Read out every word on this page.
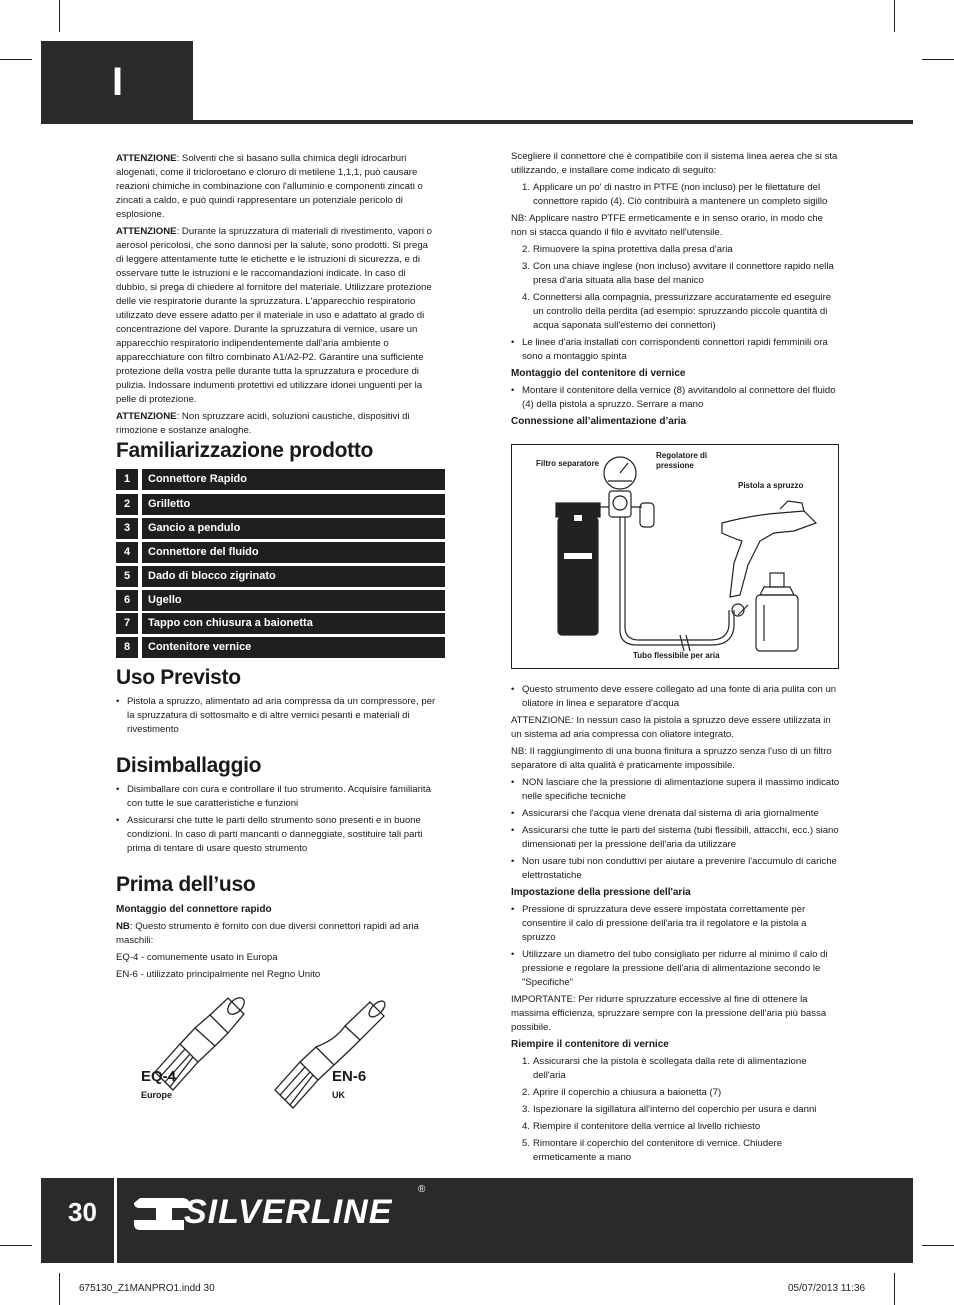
I

ATTENZIONE: Solventi che si basano sulla chimica degli idrocarburi alogenati, come il tricloroetano e cloruro di metilene 1,1,1, può causare reazioni chimiche in combinazione con l'alluminio e componenti zincati o zincati a caldo, e può quindi rappresentare un potenziale pericolo di esplosione.

ATTENZIONE: Durante la spruzzatura di materiali di rivestimento, vapori o aerosol pericolosi, che sono dannosi per la salute, sono prodotti. Si prega di leggere attentamente tutte le etichette e le istruzioni di sicurezza, e di osservare tutte le istruzioni e le raccomandazioni indicate. In caso di dubbio, si prega di chiedere al fornitore del materiale. Utilizzare protezione delle vie respiratorie durante la spruzzatura. L'apparecchio respiratorio utilizzato deve essere adatto per il materiale in uso e adattato al grado di concentrazione del vapore. Durante la spruzzatura di vernice, usare un apparecchio respiratorio indipendentemente dall'aria ambiente o apparecchiature con filtro combinato A1/A2-P2. Garantire una sufficiente protezione della vostra pelle durante tutta la spruzzatura e procedure di pulizia. Indossare indumenti protettivi ed utilizzare idonei unguenti per la pelle di protezione.

ATTENZIONE: Non spruzzare acidi, soluzioni caustiche, dispositivi di rimozione e sostanze analoghe.

Familiarizzazione prodotto
1	Connettore Rapido
2	Grilletto
3	Gancio a pendulo
4	Connettore del fluido
5	Dado di blocco zigrinato
6	Ugello
7	Tappo con chiusura a baionetta
8	Contenitore vernice
Uso Previsto
• Pistola a spruzzo, alimentato ad aria compressa da un compressore, per la spruzzatura di sottosmalto e di altre vernici pesanti e materiali di rivestimento
Disimballaggio
• Disimballare con cura e controllare il tuo strumento. Acquisire familiarità con tutte le sue caratteristiche e funzioni
• Assicurarsi che tutte le parti dello strumento sono presenti e in buone condizioni. In caso di parti mancanti o danneggiate, sostituire tali parti prima di tentare di usare questo strumento
Prima dell’uso
Montaggio del connettore rapido

NB: Questo strumento è fornito con due diversi connettori rapidi ad aria maschili:

EQ-4 - comunemente usato in Europa

EN-6 - utilizzato principalmente nel Regno Unito

EQ-4
Europe
EN-6
UK

Scegliere il connettore che è compatibile con il sistema linea aerea che si sta utilizzando, e installare come indicato di seguito:

1. Applicare un po' di nastro in PTFE (non incluso) per le filettature del connettore rapido (4). Ciò contribuirà a mantenere un completo sigillo

NB: Applicare nastro PTFE ermeticamente e in senso orario, in modo che non si stacca quando il filo è avvitato nell'utensile.

2. Rimuovere la spina protettiva dalla presa d'aria
3. Con una chiave inglese (non incluso) avvitare il connettore rapido nella presa d'aria situata alla base del manico
4. Connettersi alla compagnia, pressurizzare accuratamente ed eseguire un controllo della perdita (ad esempio: spruzzando piccole quantità di acqua saponata sull'esterno dei connettori)
• Le linee d'aria installati con corrispondenti connettori rapidi femminili ora sono a montaggio spinta
Montaggio del contenitore di vernice
• Montare il contenitore della vernice (8) avvitandolo al connettore del fluido (4) della pistola a spruzzo. Serrare a mano
Connessione all’alimentazione d’aria
Filtro separatore
Regolatore di pressione
Pistola a spruzzo
Tubo flessibile per aria
• Questo strumento deve essere collegato ad una fonte di aria pulita con un oliatore in linea e separatore d'acqua

ATTENZIONE: In nessun caso la pistola a spruzzo deve essere utilizzata in un sistema ad aria compressa con oliatore integrato.

NB: Il raggiungimento di una buona finitura a spruzzo senza l'uso di un filtro separatore di alta qualità è praticamente impossibile.

• NON lasciare che la pressione di alimentazione supera il massimo indicato nelle specifiche tecniche
• Assicurarsi che l'acqua viene drenata dal sistema di aria giornalmente
• Assicurarsi che tutte le parti del sistema (tubi flessibili, attacchi, ecc.) siano dimensionati per la pressione dell'aria da utilizzare
• Non usare tubi non conduttivi per aiutare a prevenire l'accumulo di cariche elettrostatiche
Impostazione della pressione dell'aria
• Pressione di spruzzatura deve essere impostata correttamente per consentire il calo di pressione dell'aria tra il regolatore e la pistola a spruzzo
• Utilizzare un diametro del tubo consigliato per ridurre al minimo il calo di pressione e regolare la pressione dell'aria di alimentazione secondo le "Specifiche"

IMPORTANTE: Per ridurre spruzzature eccessive al fine di ottenere la massima efficienza, spruzzare sempre con la pressione dell'aria più bassa possibile.

Riempire il contenitore di vernice
1. Assicurarsi che la pistola è scollegata dalla rete di alimentazione dell'aria
2. Aprire il coperchio a chiusura a baionetta (7)
3. Ispezionare la sigillatura all'interno del coperchio per usura e danni
4. Riempire il contenitore della vernice al livello richiesto
5. Rimontare il coperchio del contenitore di vernice. Chiudere ermeticamente a mano
30	SILVERLINE
®
675130_Z1MANPRO1.indd 30	05/07/2013 11:36
